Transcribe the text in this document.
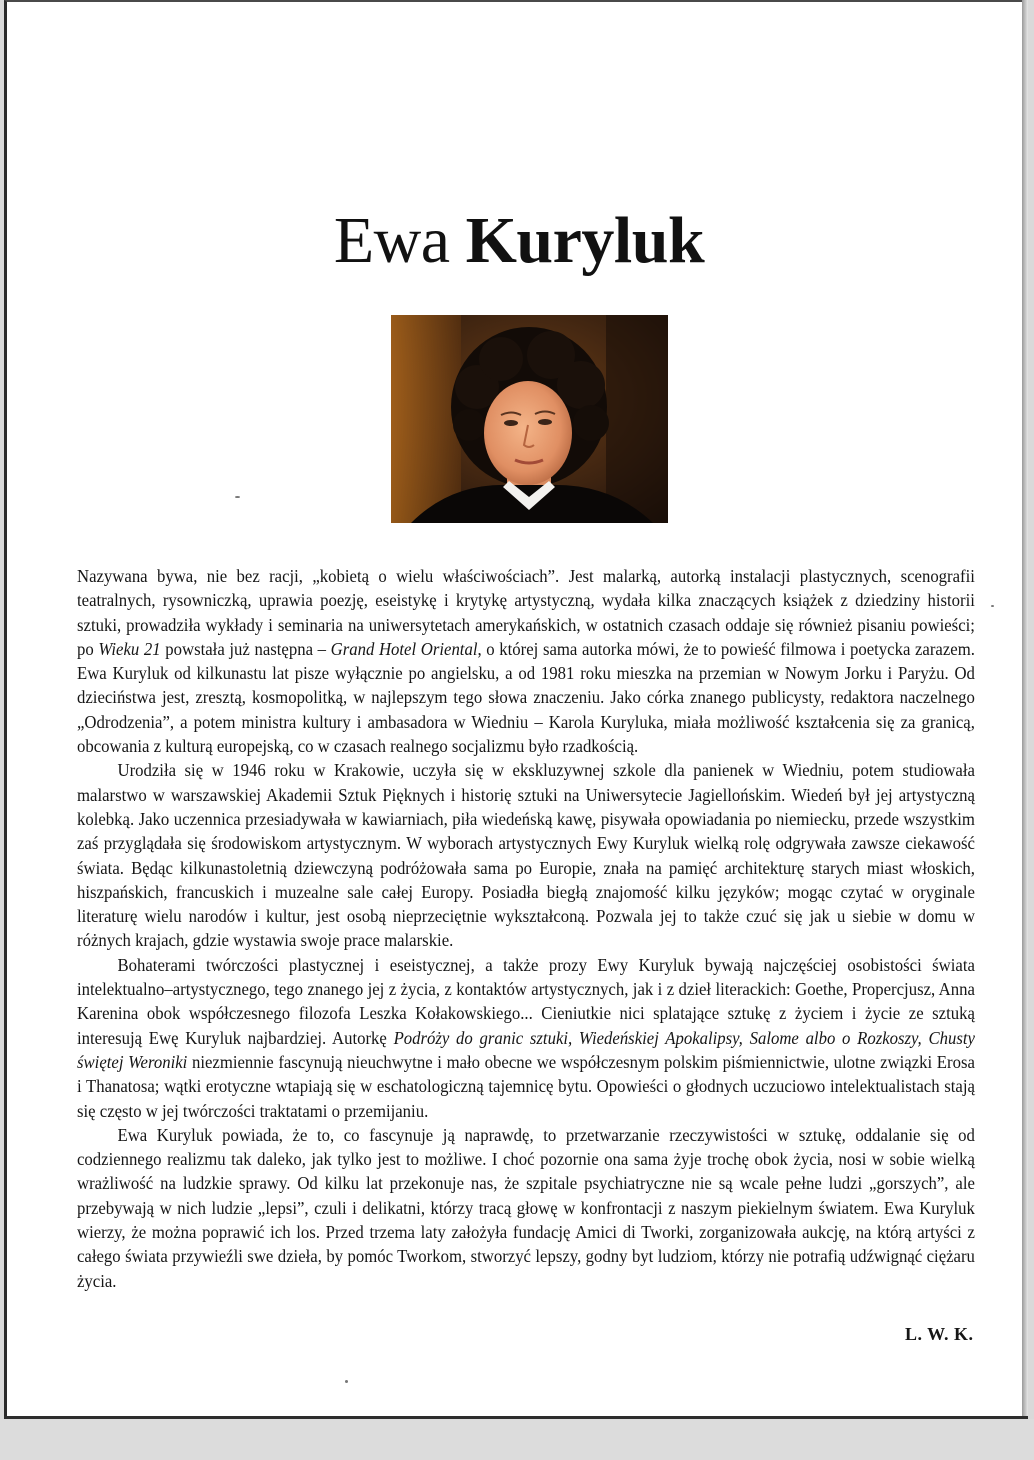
Ewa Kuryluk

Nazywana bywa, nie bez racji, „kobietą o wielu właściwościach”. Jest malarką, autorką instalacji plastycznych, scenografii teatralnych, rysowniczką, uprawia poezję, eseistykę i krytykę artystyczną, wydała kilka znaczących książek z dziedziny historii sztuki, prowadziła wykłady i seminaria na uniwersytetach amerykańskich, w ostatnich czasach oddaje się również pisaniu powieści; po Wieku 21 powstała już następna – Grand Hotel Oriental, o której sama autorka mówi, że to powieść filmowa i poetycka zarazem. Ewa Kuryluk od kilkunastu lat pisze wyłącznie po angielsku, a od 1981 roku mieszka na przemian w Nowym Jorku i Paryżu. Od dzieciństwa jest, zresztą, kosmopolitką, w najlepszym tego słowa znaczeniu. Jako córka znanego publicysty, redaktora naczelnego „Odrodzenia”, a potem ministra kultury i ambasadora w Wiedniu – Karola Kuryluka, miała możliwość kształcenia się za granicą, obcowania z kulturą europejską, co w czasach realnego socjalizmu było rzadkością.

Urodziła się w 1946 roku w Krakowie, uczyła się w ekskluzywnej szkole dla panienek w Wiedniu, potem studiowała malarstwo w warszawskiej Akademii Sztuk Pięknych i historię sztuki na Uniwersytecie Jagiellońskim. Wiedeń był jej artystyczną kolebką. Jako uczennica przesiadywała w kawiarniach, piła wiedeńską kawę, pisywała opowiadania po niemiecku, przede wszystkim zaś przyglądała się środowiskom artystycznym. W wyborach artystycznych Ewy Kuryluk wielką rolę odgrywała zawsze ciekawość świata. Będąc kilkunastoletnią dziewczyną podróżowała sama po Europie, znała na pamięć architekturę starych miast włoskich, hiszpańskich, francuskich i muzealne sale całej Europy. Posiadła biegłą znajomość kilku języków; mogąc czytać w oryginale literaturę wielu narodów i kultur, jest osobą nieprzeciętnie wykształconą. Pozwala jej to także czuć się jak u siebie w domu w różnych krajach, gdzie wystawia swoje prace malarskie.

Bohaterami twórczości plastycznej i eseistycznej, a także prozy Ewy Kuryluk bywają najczęściej osobistości świata intelektualno–artystycznego, tego znanego jej z życia, z kontaktów artystycznych, jak i z dzieł literackich: Goethe, Propercjusz, Anna Karenina obok współczesnego filozofa Leszka Kołakowskiego... Cieniutkie nici splatające sztukę z życiem i życie ze sztuką interesują Ewę Kuryluk najbardziej. Autorkę Podróży do granic sztuki, Wiedeńskiej Apokalipsy, Salome albo o Rozkoszy, Chusty świętej Weroniki niezmiennie fascynują nieuchwytne i mało obecne we współczesnym polskim piśmiennictwie, ulotne związki Erosa i Thanatosa; wątki erotyczne wtapiają się w eschatologiczną tajemnicę bytu. Opowieści o głodnych uczuciowo intelektualistach stają się często w jej twórczości traktatami o przemijaniu.

Ewa Kuryluk powiada, że to, co fascynuje ją naprawdę, to przetwarzanie rzeczywistości w sztukę, oddalanie się od codziennego realizmu tak daleko, jak tylko jest to możliwe. I choć pozornie ona sama żyje trochę obok życia, nosi w sobie wielką wrażliwość na ludzkie sprawy. Od kilku lat przekonuje nas, że szpitale psychiatryczne nie są wcale pełne ludzi „gorszych”, ale przebywają w nich ludzie „lepsi”, czuli i delikatni, którzy tracą głowę w konfrontacji z naszym piekielnym światem. Ewa Kuryluk wierzy, że można poprawić ich los. Przed trzema laty założyła fundację Amici di Tworki, zorganizowała aukcję, na którą artyści z całego świata przywieźli swe dzieła, by pomóc Tworkom, stworzyć lepszy, godny byt ludziom, którzy nie potrafią udźwignąć ciężaru życia.

L. W. K.
